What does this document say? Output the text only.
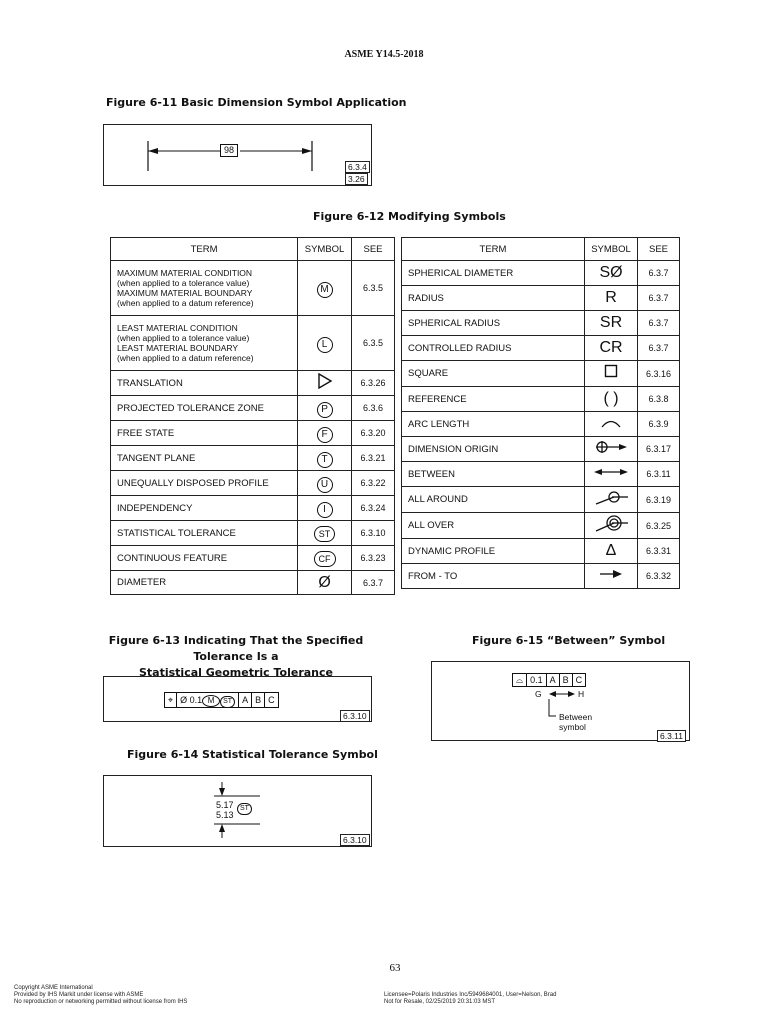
ASME Y14.5-2018
Figure 6-11 Basic Dimension Symbol Application
98
6.3.4
3.26
Figure 6-12 Modifying Symbols
TERM	SYMBOL	SEE
MAXIMUM MATERIAL CONDITION
(when applied to a tolerance value)
MAXIMUM MATERIAL BOUNDARY
(when applied to a datum reference)	M	6.3.5
LEAST MATERIAL CONDITION
(when applied to a tolerance value)
LEAST MATERIAL BOUNDARY
(when applied to a datum reference)	L	6.3.5
TRANSLATION		6.3.26
PROJECTED TOLERANCE ZONE	P	6.3.6
FREE STATE	F	6.3.20
TANGENT PLANE	T	6.3.21
UNEQUALLY DISPOSED PROFILE	U	6.3.22
INDEPENDENCY	I	6.3.24
STATISTICAL TOLERANCE	ST	6.3.10
CONTINUOUS FEATURE	CF	6.3.23
DIAMETER	Ø	6.3.7
TERM	SYMBOL	SEE
SPHERICAL DIAMETER	SØ	6.3.7
RADIUS	R	6.3.7
SPHERICAL RADIUS	SR	6.3.7
CONTROLLED RADIUS	CR	6.3.7
SQUARE		6.3.16
REFERENCE	( )	6.3.8
ARC LENGTH		6.3.9
DIMENSION ORIGIN		6.3.17
BETWEEN		6.3.11
ALL AROUND		6.3.19
ALL OVER		6.3.25
DYNAMIC PROFILE	Δ	6.3.31
FROM - TO		6.3.32
Figure 6-13 Indicating That the Specified Tolerance Is a
Statistical Geometric Tolerance
⌖ Ø 0.1 M ST	A B C
6.3.10
Figure 6-14 Statistical Tolerance Symbol
5.17
5.13
ST
6.3.10
Figure 6-15 “Between” Symbol
⌓ 0.1 A B C
G	H
Between
symbol
6.3.11
63
Copyright ASME International
Provided by IHS Markit under license with ASME
No reproduction or networking permitted without license from IHS
Licensee=Polaris Industries Inc/5949684001, User=Nelson, Brad
Not for Resale, 02/25/2019 20:31:03 MST
